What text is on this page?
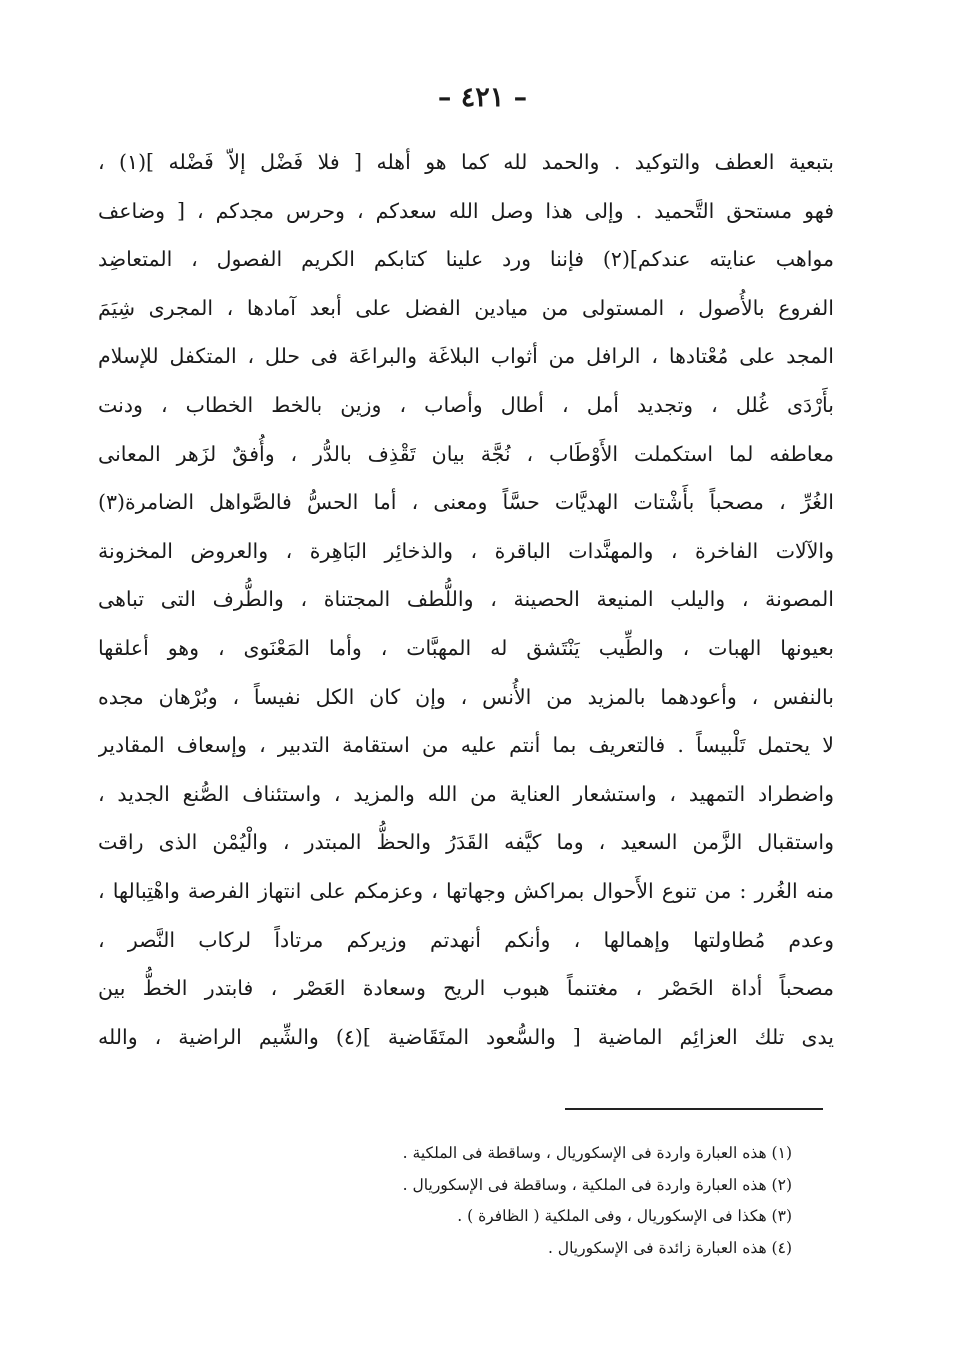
– ٤٢١ –
بتبعية العطف والتوكيد . والحمد لله كما هو أهله [ فلا فَضْل إلاّ فَضْله ](١) ،
فهو مستحق التَّحميد . وإلى هذا وصل الله سعدكم ، وحرس مجدكم ، [ وضاعف
مواهب عنايته عندكم](٢) فإننا ورد علينا كتابكم الكريم الفصول ، المتعاضِد
الفروع بالأُصول ، المستولى من ميادين الفضل على أبعد آمادها ، المجرى شِيَمَ
المجد على مُعْتادها ، الرافل من أثواب البلاغَة والبراعَة فى حلل ، المتكفل للإسلام
بأَرْدَى غُلل ، وتجديد أمل ، أطال وأصاب ، وزين بالخط الخطاب ، ودنت
معاطفه لما استكملت الأَوْطَاب ، نُجَّة بيان تَقْذِف بالدُّر ، وأُفقٌ لزَهر المعانى
الغُرِّ ، مصحباً بأَشْتات الهديَّات حسَّاً ومعنى ، أما الحسُّ فالصَّواهل الضامرة(٣)
والآلات الفاخرة ، والمهنَّدات الباقرة ، والذخائِر البَاهِرة ، والعروض المخزونة
المصونة ، واليلب المنيعة الحصينة ، واللُّطف المجتناة ، والطُّرف التى تباهى
بعيونها الهبات ، والطِّيب يَنْتَشق له المهبَّات ، وأما المَعْنَوى ، وهو أعلقها
بالنفس ، وأعودهما بالمزيد من الأُنس ، وإن كان الكل نفيساً ، وبُرْهان مجده
لا يحتمل تَلْبيساً . فالتعريف بما أنتم عليه من استقامة التدبير ، وإسعاف المقادير
واضطراد التمهيد ، واستشعار العناية من الله والمزيد ، واستئناف الصُّنع الجديد ،
واستقبال الزَّمن السعيد ، وما كيَّفه القَدَرُ والحظُّ المبتدر ، والْيُمْن الذى راقت
منه الغُرر : من تنوع الأَحوال بمراكش وجهاتها ، وعزمكم على انتهاز الفرصة واهْتِبالها ،
وعدم مُطاولتها وإهمالها ، وأنكم أنهدتم وزيركم مرتاداً لركاب النَّصر ،
مصحباً أداة الحَصْر ، مغتنماً هبوب الريح وسعادة العَصْر ، فابتدر الخطُّ بين
يدى تلك العزائِم الماضية [ والسُّعود المتَقَاضية ](٤) والشِّيم الراضية ، والله
(١) هذه العبارة واردة فى الإسكوريال ، وساقطة فى الملكية .
(٢) هذه العبارة واردة فى الملكية ، وساقطة فى الإسكوريال .
(٣) هكذا فى الإسكوريال ، وفى الملكية ( الظافرة ) .
(٤) هذه العبارة زائدة فى الإسكوريال .
